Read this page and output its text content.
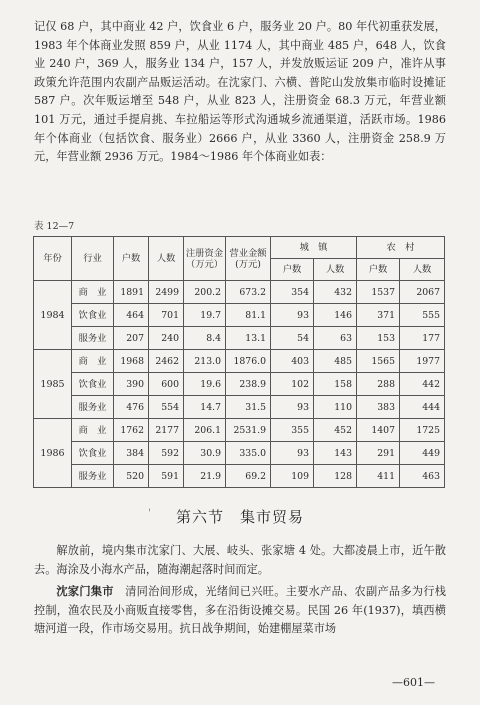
记仅 68 户，其中商业 42 户，饮食业 6 户，服务业 20 户。80 年代初重获发展，1983 年个体商业发照 859 户，从业 1174 人，其中商业 485 户，648 人，饮食业 240 户，369 人，服务业 134 户，157 人，并发放贩运证 209 户，准许从事政策允许范围内农副产品贩运活动。在沈家门、六横、普陀山发放集市临时设摊证 587 户。次年贩运增至 548 户，从业 823 人，注册资金 68.3 万元，年营业额 101 万元，通过手提肩挑、车拉船运等形式沟通城乡流通渠道，活跃市场。1986 年个体商业（包括饮食、服务业）2666 户，从业 3360 人，注册资金 258.9 万元，年营业额 2936 万元。1984～1986 年个体商业如表：

表 12—7
年份	行业	户数	人数	注册资金（万元）	营业金额(万元)	城　镇		农　村	
						户数	人数	户数	人数
1984	商　业	1891	2499	200.2	673.2	354	432	1537	2067
	饮食业	464	701	19.7	81.1	93	146	371	555
	服务业	207	240	8.4	13.1	54	63	153	177
1985	商　业	1968	2462	213.0	1876.0	403	485	1565	1977
	饮食业	390	600	19.6	238.9	102	158	288	442
	服务业	476	554	14.7	31.5	93	110	383	444
1986	商　业	1762	2177	206.1	2531.9	355	452	1407	1725
	饮食业	384	592	30.9	335.0	93	143	291	449
	服务业	520	591	21.9	69.2	109	128	411	463
' 第六节　集市贸易

解放前，境内集市沈家门、大展、岐头、张家塘 4 处。大都凌晨上市，近午散去。海涂及小海水产品，随海潮起落时间而定。

沈家门集市　清同治间形成，光绪间已兴旺。主要水产品、农副产品多为行栈控制，渔农民及小商贩直接零售，多在沿街设摊交易。民国 26 年(1937)，填西横塘河道一段，作市场交易用。抗日战争期间，始建棚屋菜市场

—601—
